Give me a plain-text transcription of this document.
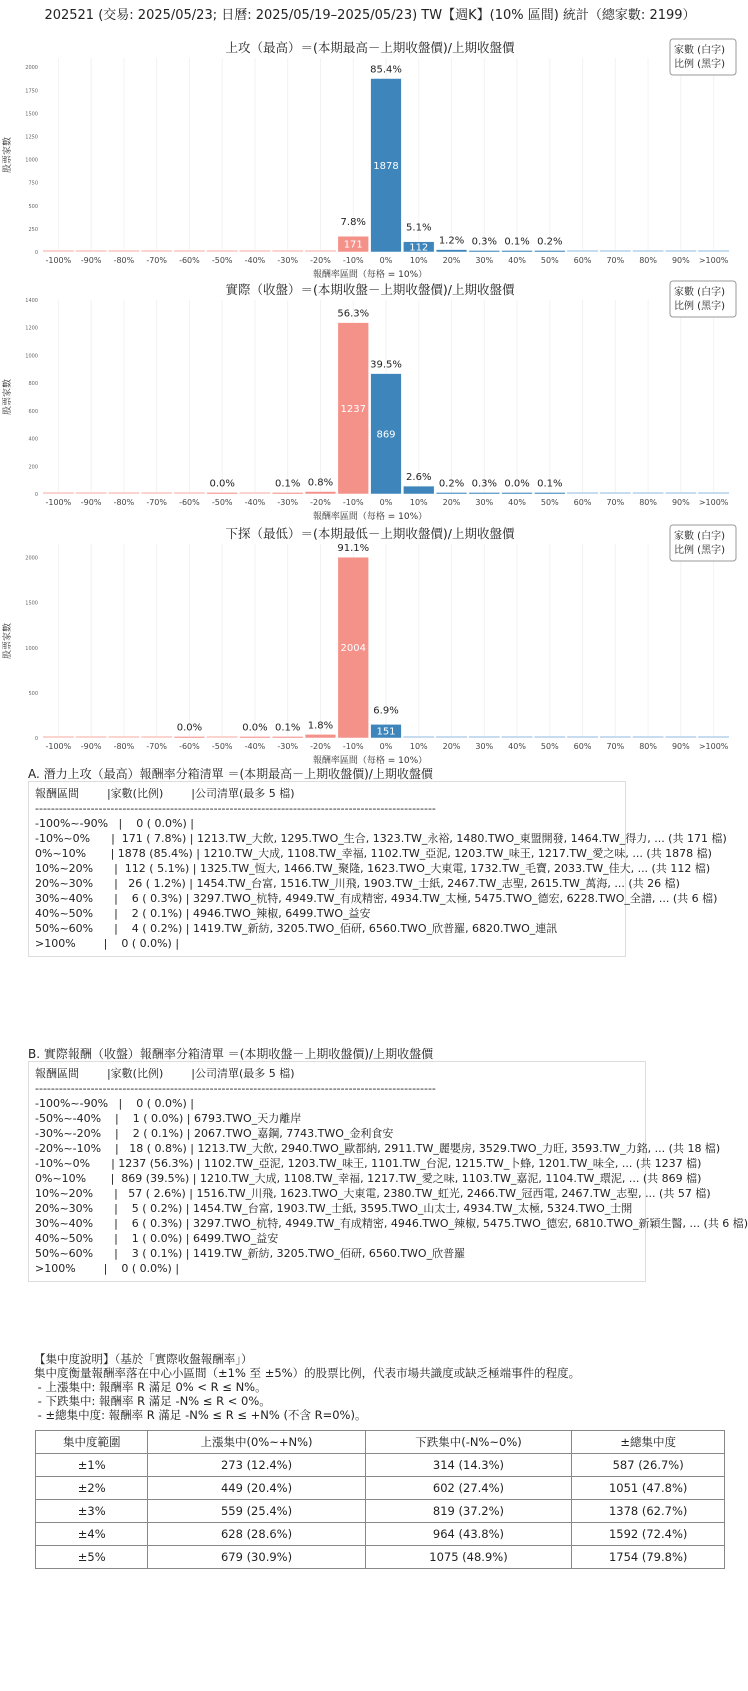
202521 (交易: 2025/05/23; 日曆: 2025/05/19–2025/05/23) TW【週K】(10% 區間) 統計（總家數: 2199）
上攻（最高）＝(本期最高－上期收盤價)/上期收盤價
0
250
500
750
1000
1250
1500
1750
2000
股票家數
-100% -90% -80% -70% -60% -50% -40% -30% -20%
171
7.8%
-10%
1878
85.4%
0%
112
5.1%
10%
1.2%
20%
0.3%
30%
0.1%
40%
0.2%
50% 60% 70% 80% 90% >100%
報酬率區間（每格 = 10%）
家數 (白字)
比例 (黑字)
實際（收盤）＝(本期收盤－上期收盤價)/上期收盤價
0
200
400
600
800
1000
1200
1400
股票家數
-100% -90% -80% -70% -60%
0.0%
-50% -40%
0.1%
-30%
0.8%
-20%
1237
56.3%
-10%
869
39.5%
0%
2.6%
10%
0.2%
20%
0.3%
30%
0.0%
40%
0.1%
50% 60% 70% 80% 90% >100%
報酬率區間（每格 = 10%）
家數 (白字)
比例 (黑字)
下探（最低）＝(本期最低－上期收盤價)/上期收盤價
0
500
1000
1500
2000
股票家數
-100% -90% -80% -70%
0.0%
-60% -50%
0.0%
-40%
0.1%
-30%
1.8%
-20%
2004
91.1%
-10%
151
6.9%
0% 10% 20% 30% 40% 50% 60% 70% 80% 90% >100%
報酬率區間（每格 = 10%）
家數 (白字)
比例 (黑字)
A. 潛力上攻（最高）報酬率分箱清單 ＝(本期最高－上期收盤價)/上期收盤價
報酬區間        |家數(比例)        |公司清單(最多 5 檔)
-----------------------------------------------------------------------------------------------------
-100%~-90%   |    0 ( 0.0%) |
-10%~0%      |  171 ( 7.8%) | 1213.TW_大飲, 1295.TWO_生合, 1323.TW_永裕, 1480.TWO_東盟開發, 1464.TW_得力, ... (共 171 檔)
0%~10%       | 1878 (85.4%) | 1210.TW_大成, 1108.TW_幸福, 1102.TW_亞泥, 1203.TW_味王, 1217.TW_愛之味, ... (共 1878 檔)
10%~20%      |  112 ( 5.1%) | 1325.TW_恆大, 1466.TW_聚隆, 1623.TWO_大東電, 1732.TW_毛寶, 2033.TW_佳大, ... (共 112 檔)
20%~30%      |   26 ( 1.2%) | 1454.TW_台富, 1516.TW_川飛, 1903.TW_士紙, 2467.TW_志聖, 2615.TW_萬海, ... (共 26 檔)
30%~40%      |    6 ( 0.3%) | 3297.TWO_杭特, 4949.TW_有成精密, 4934.TW_太極, 5475.TWO_德宏, 6228.TWO_全譜, ... (共 6 檔)
40%~50%      |    2 ( 0.1%) | 4946.TWO_辣椒, 6499.TWO_益安
50%~60%      |    4 ( 0.2%) | 1419.TW_新紡, 3205.TWO_佰研, 6560.TWO_欣普羅, 6820.TWO_連訊
>100%        |    0 ( 0.0%) |
B. 實際報酬（收盤）報酬率分箱清單 ＝(本期收盤－上期收盤價)/上期收盤價
報酬區間        |家數(比例)        |公司清單(最多 5 檔)
-----------------------------------------------------------------------------------------------------
-100%~-90%   |    0 ( 0.0%) |
-50%~-40%    |    1 ( 0.0%) | 6793.TWO_天力離岸
-30%~-20%    |    2 ( 0.1%) | 2067.TWO_嘉鋼, 7743.TWO_金利食安
-20%~-10%    |   18 ( 0.8%) | 1213.TW_大飲, 2940.TWO_歐都納, 2911.TW_麗嬰房, 3529.TWO_力旺, 3593.TW_力銘, ... (共 18 檔)
-10%~0%      | 1237 (56.3%) | 1102.TW_亞泥, 1203.TW_味王, 1101.TW_台泥, 1215.TW_卜蜂, 1201.TW_味全, ... (共 1237 檔)
0%~10%       |  869 (39.5%) | 1210.TW_大成, 1108.TW_幸福, 1217.TW_愛之味, 1103.TW_嘉泥, 1104.TW_環泥, ... (共 869 檔)
10%~20%      |   57 ( 2.6%) | 1516.TW_川飛, 1623.TWO_大東電, 2380.TW_虹光, 2466.TW_冠西電, 2467.TW_志聖, ... (共 57 檔)
20%~30%      |    5 ( 0.2%) | 1454.TW_台富, 1903.TW_士紙, 3595.TWO_山太士, 4934.TW_太極, 5324.TWO_士開
30%~40%      |    6 ( 0.3%) | 3297.TWO_杭特, 4949.TW_有成精密, 4946.TWO_辣椒, 5475.TWO_德宏, 6810.TWO_新穎生醫, ... (共 6 檔)
40%~50%      |    1 ( 0.0%) | 6499.TWO_益安
50%~60%      |    3 ( 0.1%) | 1419.TW_新紡, 3205.TWO_佰研, 6560.TWO_欣普羅
>100%        |    0 ( 0.0%) |
【集中度說明】（基於「實際收盤報酬率」）
集中度衡量報酬率落在中心小區間（±1% 至 ±5%）的股票比例，代表市場共識度或缺乏極端事件的程度。
- 上漲集中: 報酬率 R 滿足 0% < R ≤ N%。
- 下跌集中: 報酬率 R 滿足 -N% ≤ R < 0%。
- ±總集中度: 報酬率 R 滿足 -N% ≤ R ≤ +N% (不含 R=0%)。
集中度範圍	上漲集中(0%~+N%)	下跌集中(-N%~0%)	±總集中度
±1%	273 (12.4%)	314 (14.3%)	587 (26.7%)
±2%	449 (20.4%)	602 (27.4%)	1051 (47.8%)
±3%	559 (25.4%)	819 (37.2%)	1378 (62.7%)
±4%	628 (28.6%)	964 (43.8%)	1592 (72.4%)
±5%	679 (30.9%)	1075 (48.9%)	1754 (79.8%)
